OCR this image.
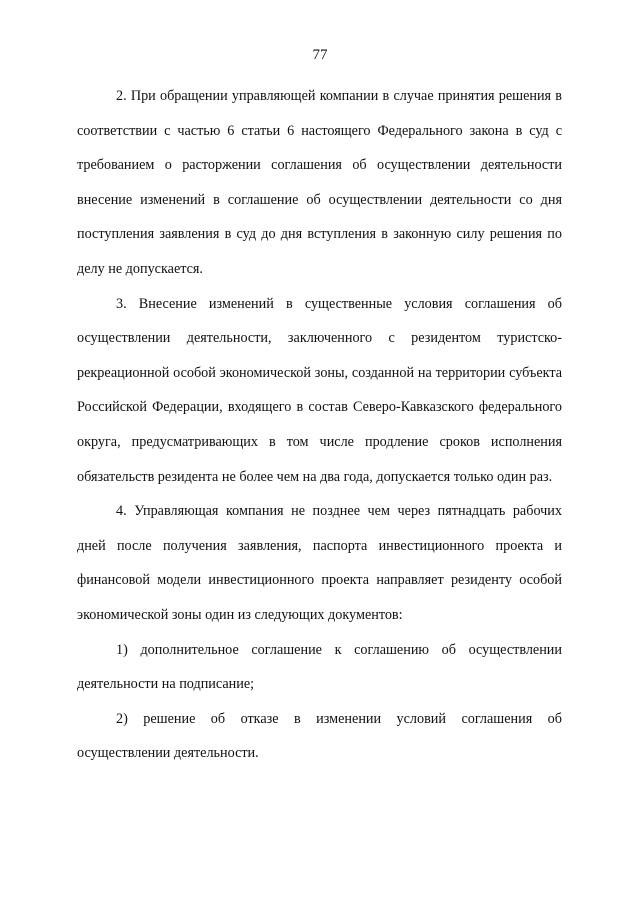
77

2. При обращении управляющей компании в случае принятия решения в соответствии с частью 6 статьи 6 настоящего Федерального закона в суд с требованием о расторжении соглашения об осуществлении деятельности внесение изменений в соглашение об осуществлении деятельности со дня поступления заявления в суд до дня вступления в законную силу решения по делу не допускается.

3. Внесение изменений в существенные условия соглашения об осуществлении деятельности, заключенного с резидентом туристско-рекреационной особой экономической зоны, созданной на территории субъекта Российской Федерации, входящего в состав Северо-Кавказского федерального округа, предусматривающих в том числе продление сроков исполнения обязательств резидента не более чем на два года, допускается только один раз.

4. Управляющая компания не позднее чем через пятнадцать рабочих дней после получения заявления, паспорта инвестиционного проекта и финансовой модели инвестиционного проекта направляет резиденту особой экономической зоны один из следующих документов:

1) дополнительное соглашение к соглашению об осуществлении деятельности на подписание;

2) решение об отказе в изменении условий соглашения об осуществлении деятельности.
